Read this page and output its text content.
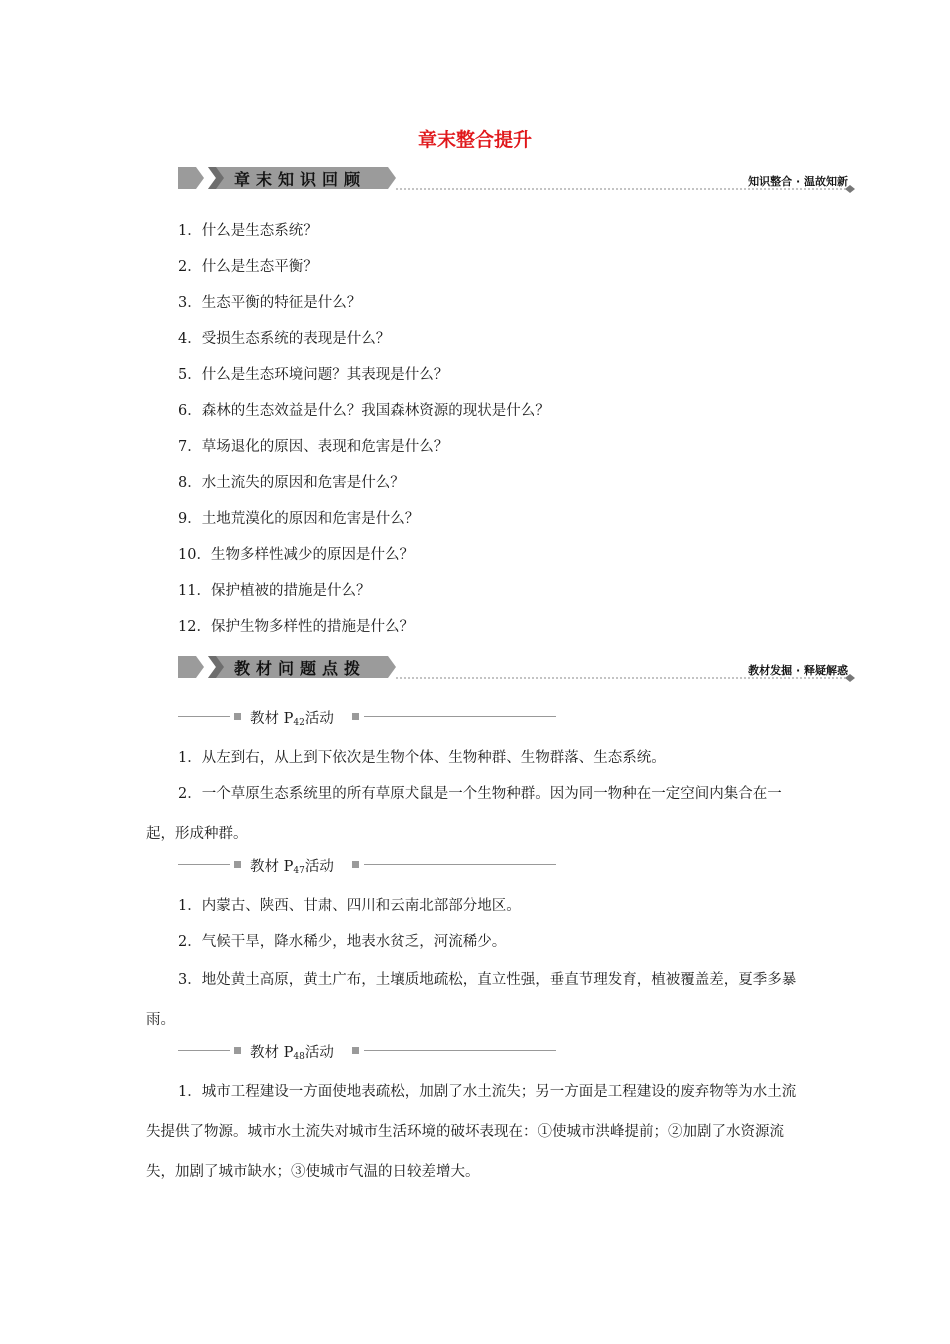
章末整合提升
章末知识回顾	知识整合 · 温故知新
1．什么是生态系统？
2．什么是生态平衡？
3．生态平衡的特征是什么？
4．受损生态系统的表现是什么？
5．什么是生态环境问题？其表现是什么？
6．森林的生态效益是什么？我国森林资源的现状是什么？
7．草场退化的原因、表现和危害是什么？
8．水土流失的原因和危害是什么？
9．土地荒漠化的原因和危害是什么？
10．生物多样性减少的原因是什么？
11．保护植被的措施是什么？
12．保护生物多样性的措施是什么？
教材问题点拨	教材发掘 · 释疑解惑
教材 $P_{42}$活动
1．从左到右，从上到下依次是生物个体、生物种群、生物群落、生态系统。
2．一个草原生态系统里的所有草原犬鼠是一个生物种群。因为同一物种在一定空间内集合在一起，形成种群。
教材 $P_{47}$活动
1．内蒙古、陕西、甘肃、四川和云南北部部分地区。
2．气候干旱，降水稀少，地表水贫乏，河流稀少。
3．地处黄土高原，黄土广布，土壤质地疏松，直立性强，垂直节理发育，植被覆盖差，夏季多暴雨。
教材 $P_{48}$活动
1．城市工程建设一方面使地表疏松，加剧了水土流失；另一方面是工程建设的废弃物等为水土流失提供了物源。城市水土流失对城市生活环境的破坏表现在：①使城市洪峰提前；②加剧了水资源流失，加剧了城市缺水；③使城市气温的日较差增大。
